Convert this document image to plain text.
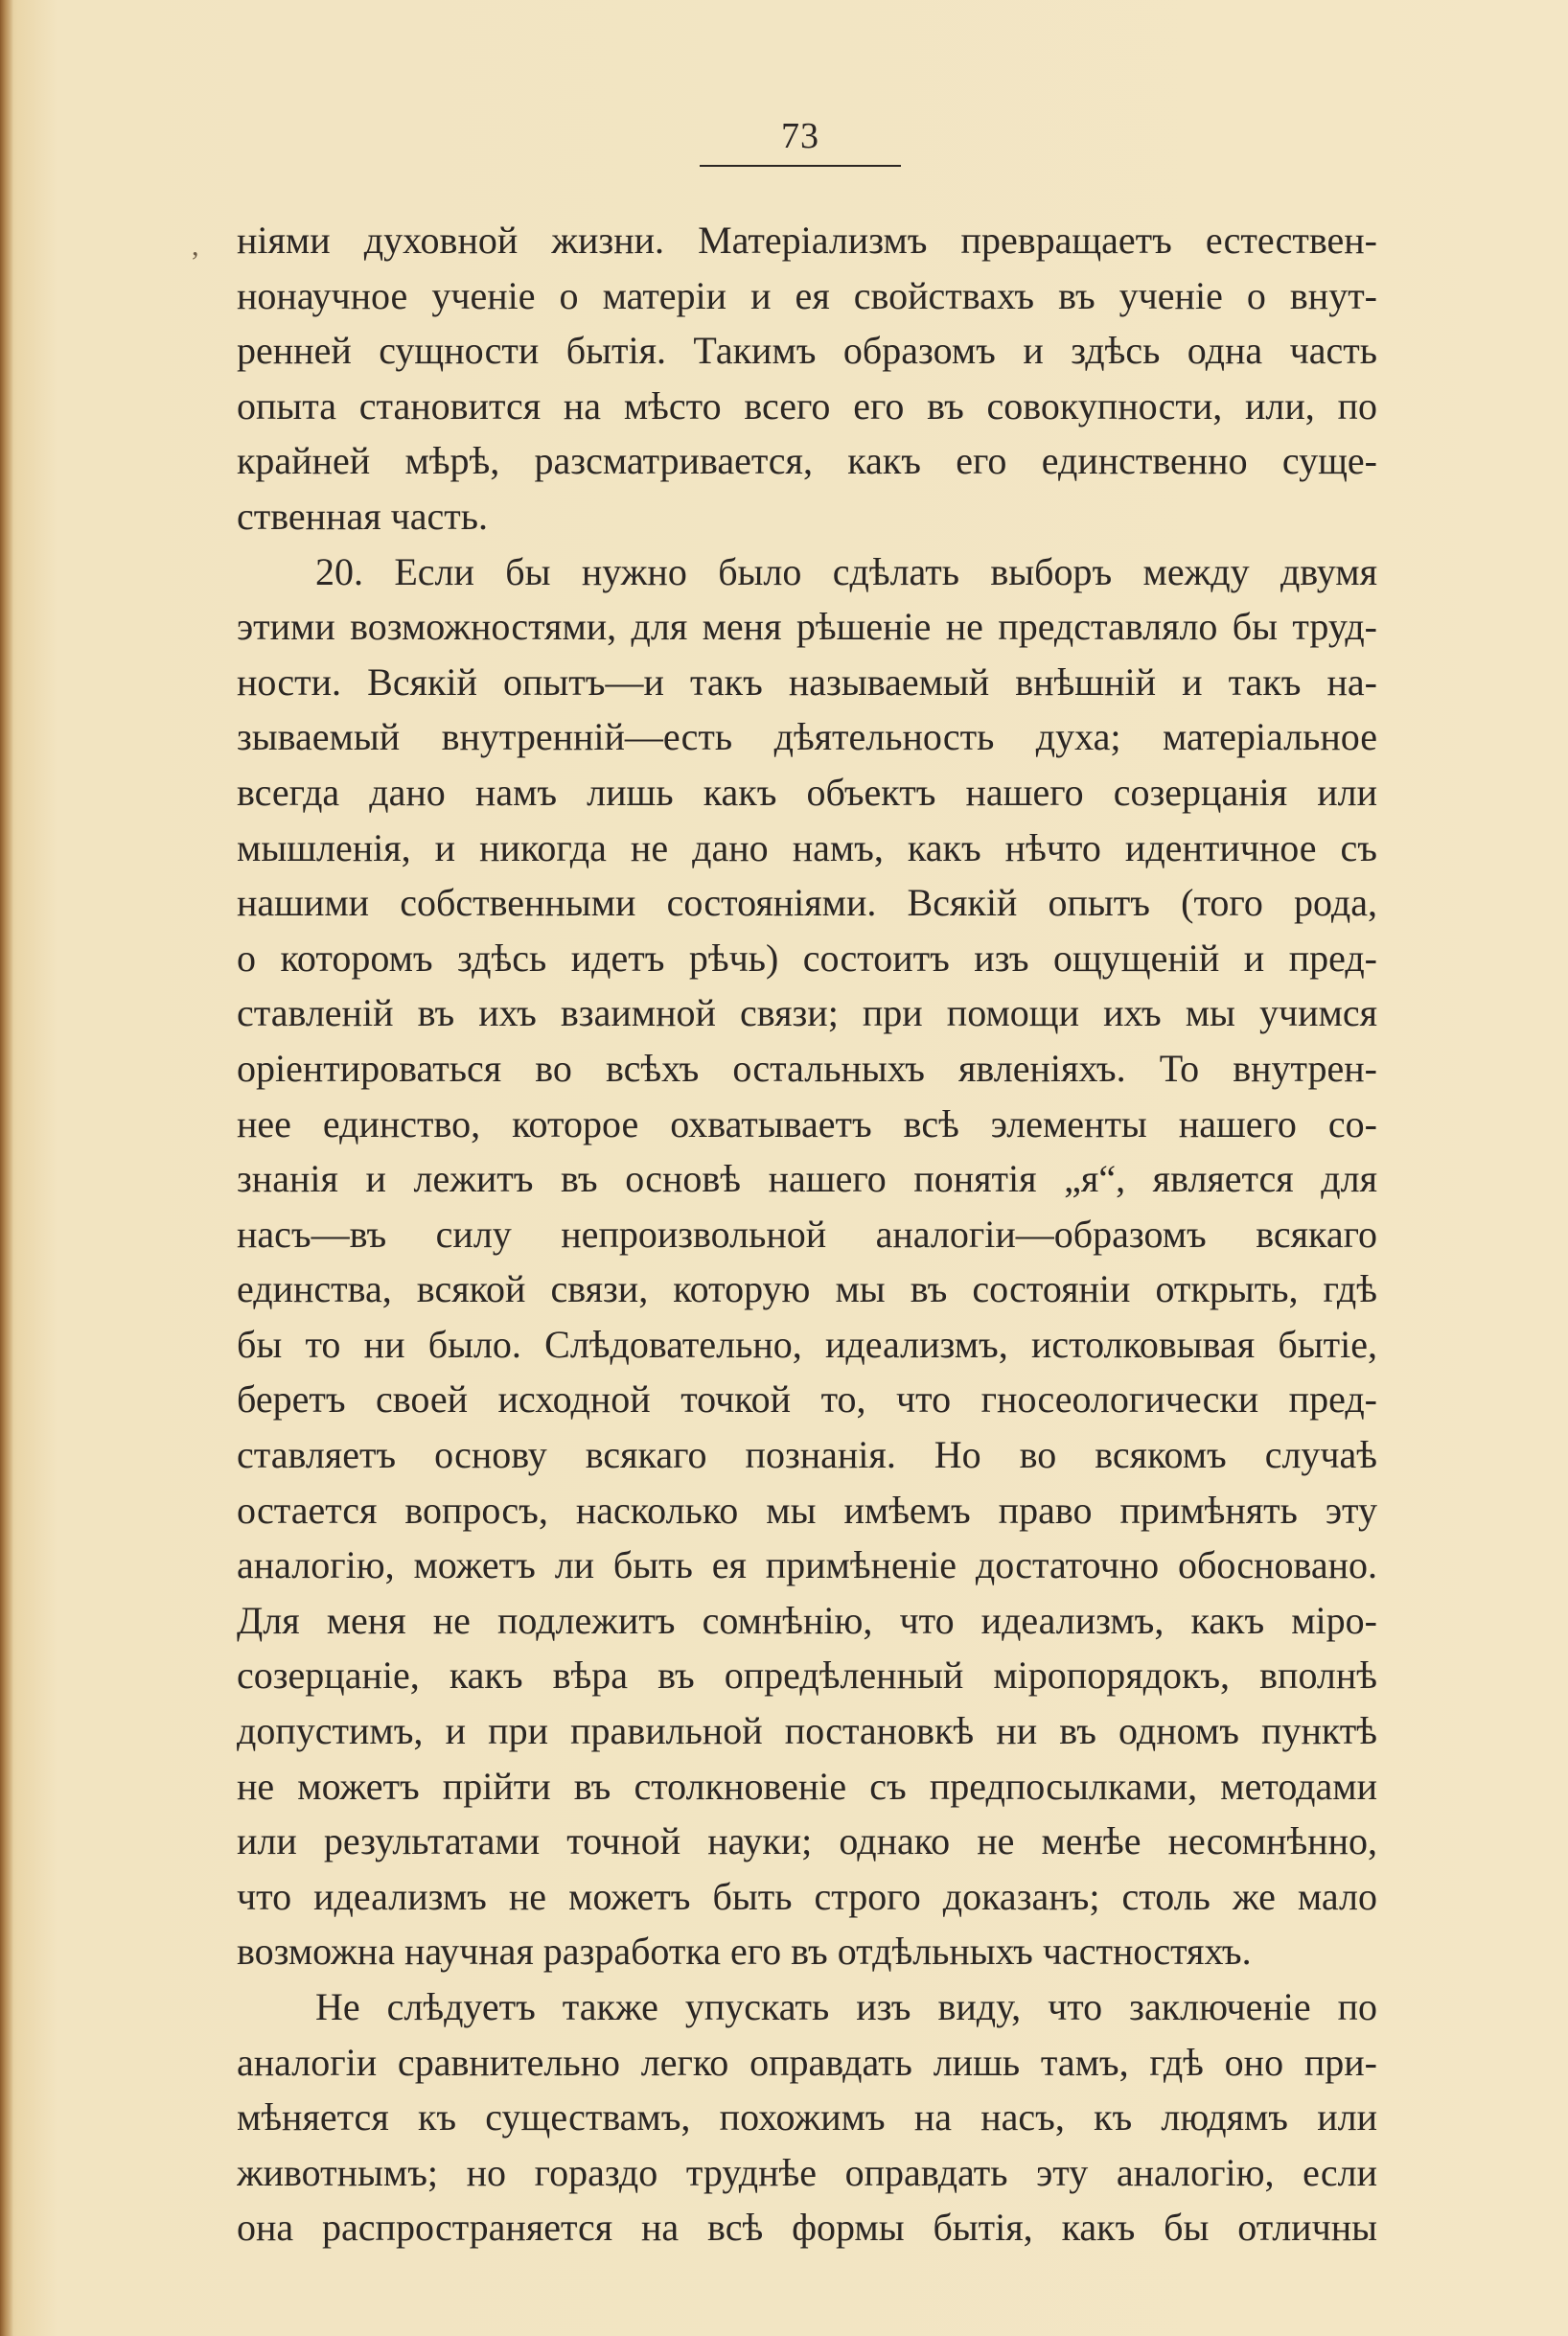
73
, ніями духовной жизни. Матеріализмъ превращаетъ естествен-
нонаучное ученіе о матеріи и ея свойствахъ въ ученіе о внут-
ренней сущности бытія. Такимъ образомъ и здѣсь одна часть
опыта становится на мѣсто всего его въ совокупности, или, по
крайней мѣрѣ, разсматривается, какъ его единственно суще-
ственная часть.
20. Если бы нужно было сдѣлать выборъ между двумя
этими возможностями, для меня рѣшеніе не представляло бы труд-
ности. Всякій опытъ—и такъ называемый внѣшній и такъ на-
зываемый внутренній—есть дѣятельность духа; матеріальное
всегда дано намъ лишь какъ объектъ нашего созерцанія или
мышленія, и никогда не дано намъ, какъ нѣчто идентичное съ
нашими собственными состояніями. Всякій опытъ (того рода,
о которомъ здѣсь идетъ рѣчь) состоитъ изъ ощущеній и пред-
ставленій въ ихъ взаимной связи; при помощи ихъ мы учимся
оріентироваться во всѣхъ остальныхъ явленіяхъ. То внутрен-
нее единство, которое охватываетъ всѣ элементы нашего со-
знанія и лежитъ въ основѣ нашего понятія „я“, является для
насъ—въ силу непроизвольной аналогіи—образомъ всякаго
единства, всякой связи, которую мы въ состояніи открыть, гдѣ
бы то ни было. Слѣдовательно, идеализмъ, истолковывая бытіе,
беретъ своей исходной точкой то, что гносеологически пред-
ставляетъ основу всякаго познанія. Но во всякомъ случаѣ
остается вопросъ, насколько мы имѣемъ право примѣнять эту
аналогію, можетъ ли быть ея примѣненіе достаточно обосновано.
Для меня не подлежитъ сомнѣнію, что идеализмъ, какъ міро-
созерцаніе, какъ вѣра въ опредѣленный міропорядокъ, вполнѣ
допустимъ, и при правильной постановкѣ ни въ одномъ пунктѣ
не можетъ прійти въ столкновеніе съ предпосылками, методами
или результатами точной науки; однако не менѣе несомнѣнно,
что идеализмъ не можетъ быть строго доказанъ; столь же мало
возможна научная разработка его въ отдѣльныхъ частностяхъ.
Не слѣдуетъ также упускать изъ виду, что заключеніе по
аналогіи сравнительно легко оправдать лишь тамъ, гдѣ оно при-
мѣняется къ существамъ, похожимъ на насъ, къ людямъ или
животнымъ; но гораздо труднѣе оправдать эту аналогію, если
она распространяется на всѣ формы бытія, какъ бы отличны
